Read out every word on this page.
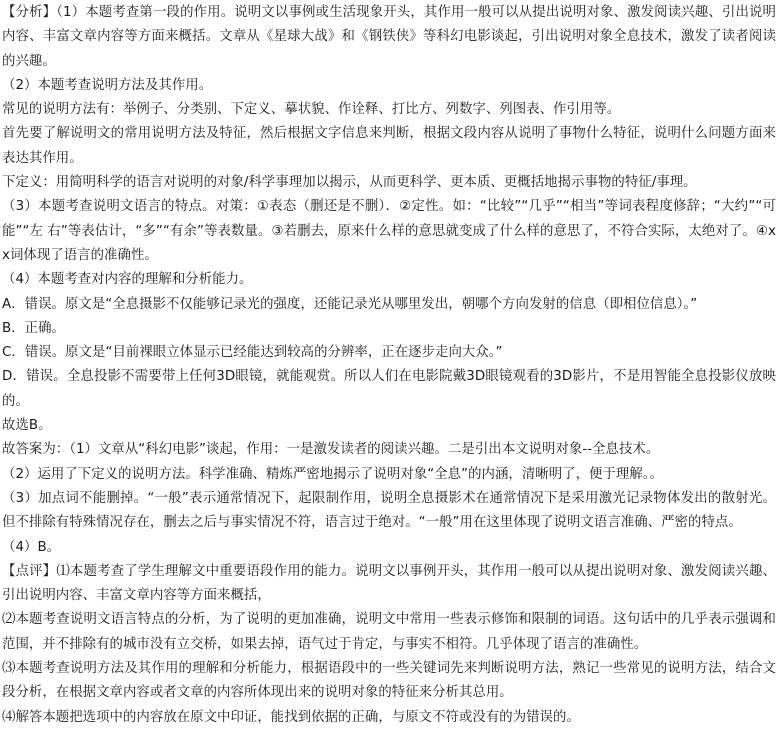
【分析】（1）本题考查第一段的作用。说明文以事例或生活现象开头，其作用一般可以从提出说明对象、激发阅读兴趣、引出说明内容、丰富文章内容等方面来概括。文章从《星球大战》和《钢铁侠》等科幻电影谈起，引出说明对象全息技术，激发了读者阅读的兴趣。

（2）本题考查说明方法及其作用。

常见的说明方法有：举例子、分类别、下定义、摹状貌、作诠释、打比方、列数字、列图表、作引用等。

首先要了解说明文的常用说明方法及特征，然后根据文字信息来判断，根据文段内容从说明了事物什么特征，说明什么问题方面来表达其作用。

下定义：用简明科学的语言对说明的对象/科学事理加以揭示，从而更科学、更本质、更概括地揭示事物的特征/事理。

（3）本题考查说明文语言的特点。对策：①表态（删还是不删）．②定性。如：“比较”“几乎”“相当”等词表程度修辞；“大约”“可能”“左 右”等表估计，“多”“有余”等表数量。③若删去，原来什么样的意思就变成了什么样的意思了，不符合实际，太绝对了。④xx词体现了语言的准确性。

（4）本题考查对内容的理解和分析能力。

A．错误。原文是“全息摄影不仅能够记录光的强度，还能记录光从哪里发出，朝哪个方向发射的信息（即相位信息）。”

B．正确。

C．错误。原文是“目前裸眼立体显示已经能达到较高的分辨率，正在逐步走向大众。”

D．错误。全息投影不需要带上任何3D眼镜，就能观赏。所以人们在电影院戴3D眼镜观看的3D影片，不是用智能全息投影仪放映的。

故选B。

故答案为：（1）文章从“科幻电影”谈起，作用：一是激发读者的阅读兴趣。二是引出本文说明对象--全息技术。

（2）运用了下定义的说明方法。科学准确、精炼严密地揭示了说明对象“全息”的内涵，清晰明了，便于理解。。

（3）加点词不能删掉。“一般”表示通常情况下，起限制作用，说明全息摄影术在通常情况下是采用激光记录物体发出的散射光。但不排除有特殊情况存在，删去之后与事实情况不符，语言过于绝对。“一般”用在这里体现了说明文语言准确、严密的特点。

（4）B。

【点评】⑴本题考查了学生理解文中重要语段作用的能力。说明文以事例开头，其作用一般可以从提出说明对象、激发阅读兴趣、引出说明内容、丰富文章内容等方面来概括，

⑵本题考查说明文语言特点的分析，为了说明的更加准确，说明文中常用一些表示修饰和限制的词语。这句话中的几乎表示强调和范围，并不排除有的城市没有立交桥，如果去掉，语气过于肯定，与事实不相符。几乎体现了语言的准确性。

⑶本题考查说明方法及其作用的理解和分析能力，根据语段中的一些关键词先来判断说明方法，熟记一些常见的说明方法，结合文段分析，在根据文章内容或者文章的内容所体现出来的说明对象的特征来分析其总用。

⑷解答本题把选项中的内容放在原文中印证，能找到依据的正确，与原文不符或没有的为错误的。
